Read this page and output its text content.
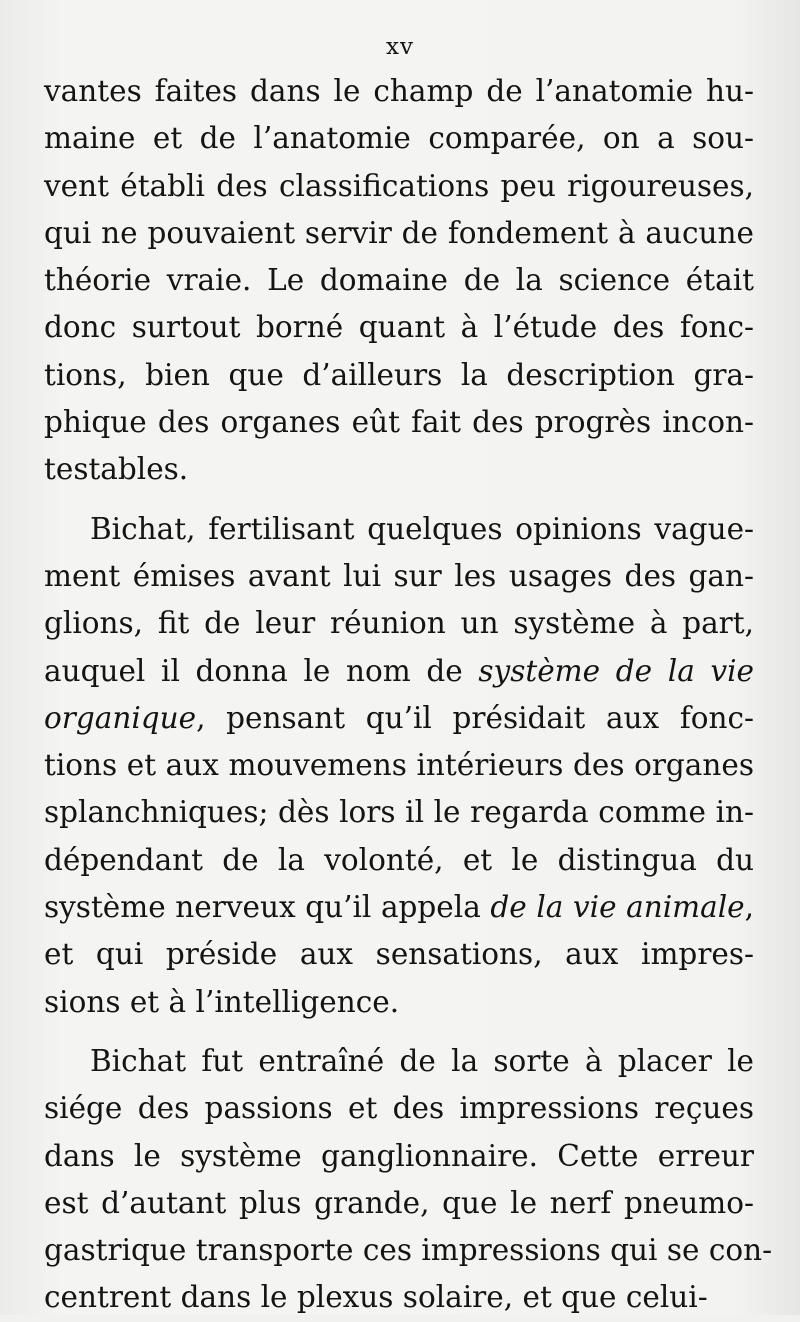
xv
vantes faites dans le champ de l’anatomie hu-
maine et de l’anatomie comparée, on a sou-
vent établi des classifications peu rigoureuses,
qui ne pouvaient servir de fondement à aucune
théorie vraie. Le domaine de la science était
donc surtout borné quant à l’étude des fonc-
tions, bien que d’ailleurs la description gra-
phique des organes eût fait des progrès incon-
testables.
Bichat, fertilisant quelques opinions vague-
ment émises avant lui sur les usages des gan-
glions, fit de leur réunion un système à part,
auquel il donna le nom de système de la vie
organique, pensant qu’il présidait aux fonc-
tions et aux mouvemens intérieurs des organes
splanchniques; dès lors il le regarda comme in-
dépendant de la volonté, et le distingua du
système nerveux qu’il appela de la vie animale,
et qui préside aux sensations, aux impres-
sions et à l’intelligence.
Bichat fut entraîné de la sorte à placer le
siége des passions et des impressions reçues
dans le système ganglionnaire. Cette erreur
est d’autant plus grande, que le nerf pneumo-
gastrique transporte ces impressions qui se con-
centrent dans le plexus solaire, et que celui-
